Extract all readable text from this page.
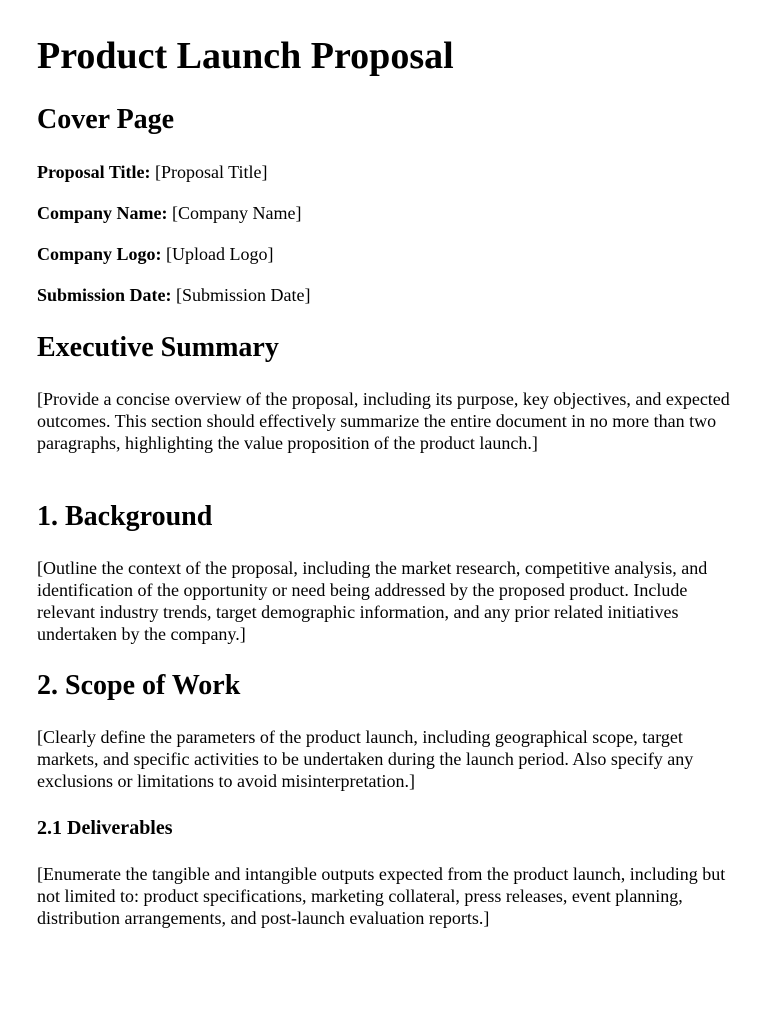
Product Launch Proposal
Cover Page

Proposal Title: [Proposal Title]

Company Name: [Company Name]

Company Logo: [Upload Logo]

Submission Date: [Submission Date]

Executive Summary

[Provide a concise overview of the proposal, including its purpose, key objectives, and expected outcomes. This section should effectively summarize the entire document in no more than two paragraphs, highlighting the value proposition of the product launch.]

1. Background

[Outline the context of the proposal, including the market research, competitive analysis, and identification of the opportunity or need being addressed by the proposed product. Include relevant industry trends, target demographic information, and any prior related initiatives undertaken by the company.]

2. Scope of Work

[Clearly define the parameters of the product launch, including geographical scope, target markets, and specific activities to be undertaken during the launch period. Also specify any exclusions or limitations to avoid misinterpretation.]

2.1 Deliverables

[Enumerate the tangible and intangible outputs expected from the product launch, including but not limited to: product specifications, marketing collateral, press releases, event planning, distribution arrangements, and post-launch evaluation reports.]
